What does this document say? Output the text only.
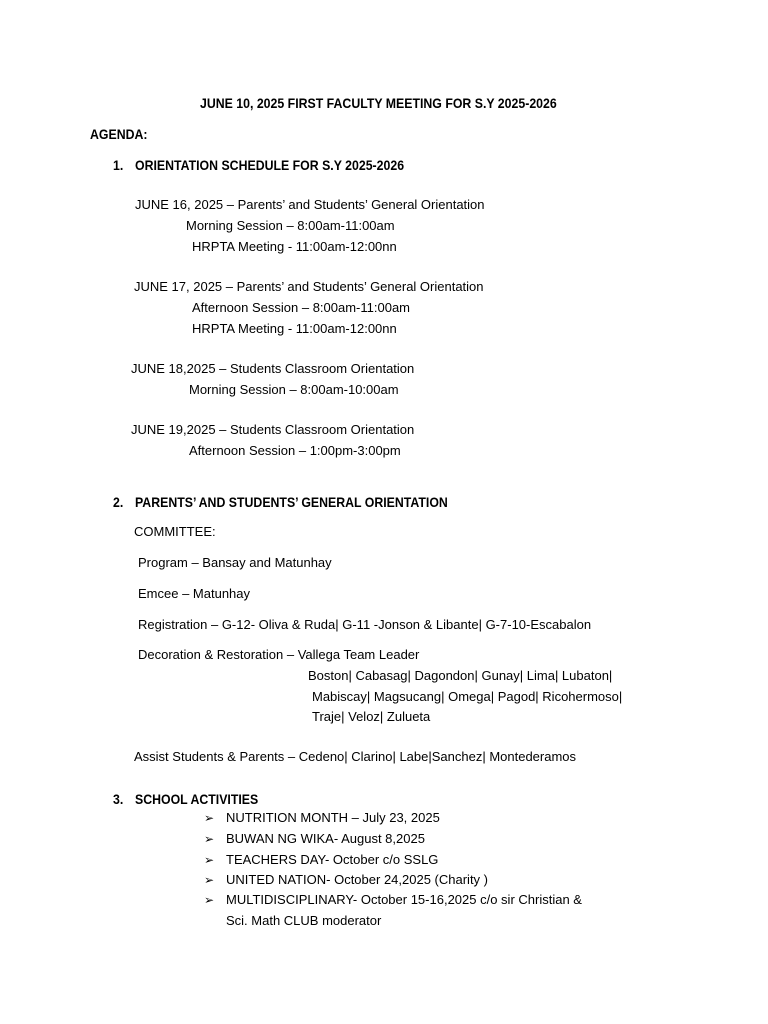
JUNE 10, 2025 FIRST FACULTY MEETING FOR S.Y 2025-2026
AGENDA:
1. ORIENTATION SCHEDULE FOR S.Y 2025-2026
JUNE 16, 2025 – Parents’ and Students’ General Orientation
Morning Session – 8:00am-11:00am
HRPTA Meeting - 11:00am-12:00nn
JUNE 17, 2025 – Parents’ and Students’ General Orientation
Afternoon Session – 8:00am-11:00am
HRPTA Meeting - 11:00am-12:00nn
JUNE 18,2025 – Students Classroom Orientation
Morning Session – 8:00am-10:00am
JUNE 19,2025 – Students Classroom Orientation
Afternoon Session – 1:00pm-3:00pm
2. PARENTS’ AND STUDENTS’ GENERAL ORIENTATION
COMMITTEE:
Program – Bansay and Matunhay
Emcee – Matunhay
Registration – G-12- Oliva & Ruda| G-11 -Jonson & Libante| G-7-10-Escabalon
Decoration & Restoration – Vallega Team Leader
Boston| Cabasag| Dagondon| Gunay| Lima| Lubaton|
Mabiscay| Magsucang| Omega| Pagod| Ricohermoso|
Traje| Veloz| Zulueta
Assist Students & Parents – Cedeno| Clarino| Labe|Sanchez| Montederamos
3. SCHOOL ACTIVITIES
➢ NUTRITION MONTH – July 23, 2025
➢ BUWAN NG WIKA- August 8,2025
➢ TEACHERS DAY- October c/o SSLG
➢ UNITED NATION- October 24,2025 (Charity )
➢ MULTIDISCIPLINARY- October 15-16,2025 c/o sir Christian &
Sci. Math CLUB moderator
